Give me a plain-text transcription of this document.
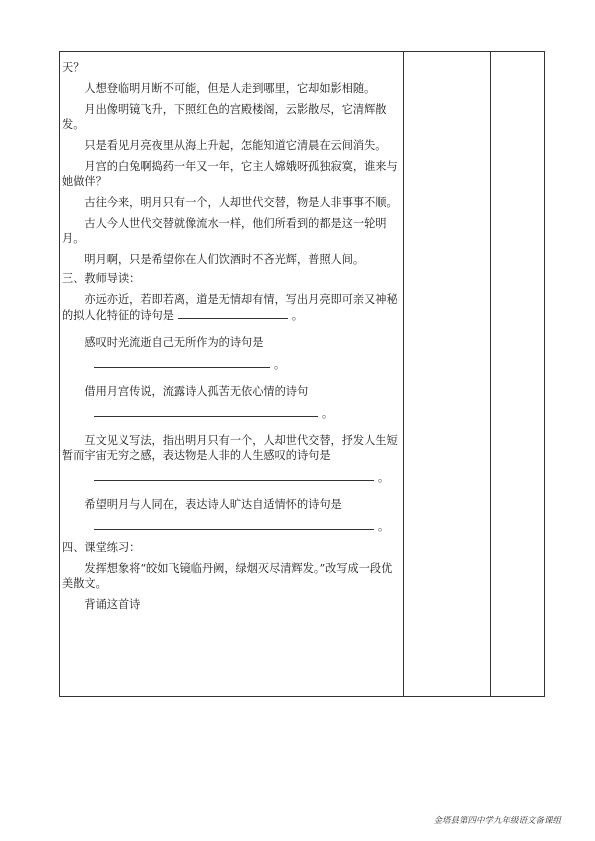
天？

人想登临明月断不可能，但是人走到哪里，它却如影相随。

月出像明镜飞升，下照红色的宫殿楼阁，云影散尽，它清辉散发。

只是看见月亮夜里从海上升起，怎能知道它清晨在云间消失。

月宫的白兔啊捣药一年又一年，它主人嫦娥呀孤独寂寞，谁来与她做伴？

古往今来，明月只有一个，人却世代交替，物是人非事事不顺。

古人今人世代交替就像流水一样，他们所看到的都是这一轮明月。

明月啊，只是希望你在人们饮酒时不吝光辉，普照人间。

三、教师导读：

亦远亦近，若即若离，道是无情却有情，写出月亮即可亲又神秘的拟人化特征的诗句是	。

感叹时光流逝自己无所作为的诗句是

。

借用月宫传说，流露诗人孤苦无依心情的诗句

。

互文见义写法，指出明月只有一个，人却世代交替，抒发人生短暂而宇宙无穷之感，表达物是人非的人生感叹的诗句是

。

希望明月与人同在，表达诗人旷达自适情怀的诗句是

。

四、课堂练习：

发挥想象将“皎如飞镜临丹阙，绿烟灭尽清辉发。”改写成一段优美散文。

背诵这首诗

金塔县第四中学九年级语文备课组
